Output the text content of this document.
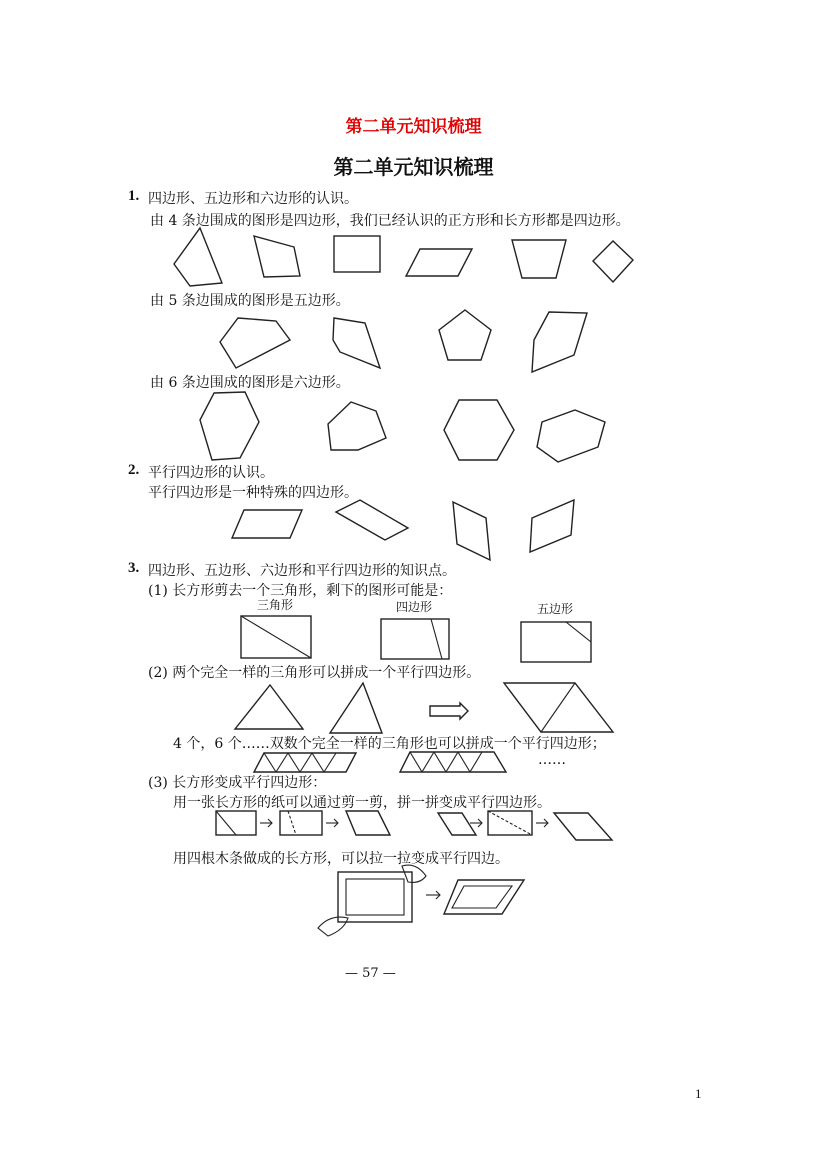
第二单元知识梳理
第二单元知识梳理
1. 四边形、五边形和六边形的认识。
由 4 条边围成的图形是四边形，我们已经认识的正方形和长方形都是四边形。
由 5 条边围成的图形是五边形。
由 6 条边围成的图形是六边形。
2. 平行四边形的认识。
平行四边形是一种特殊的四边形。
3. 四边形、五边形、六边形和平行四边形的知识点。
(1) 长方形剪去一个三角形，剩下的图形可能是：
三角形	四边形	五边形
(2) 两个完全一样的三角形可以拼成一个平行四边形。
4 个，6 个……双数个完全一样的三角形也可以拼成一个平行四边形；
……
(3) 长方形变成平行四边形：
用一张长方形的纸可以通过剪一剪，拼一拼变成平行四边形。
用四根木条做成的长方形，可以拉一拉变成平行四边。
— 57 —
1
